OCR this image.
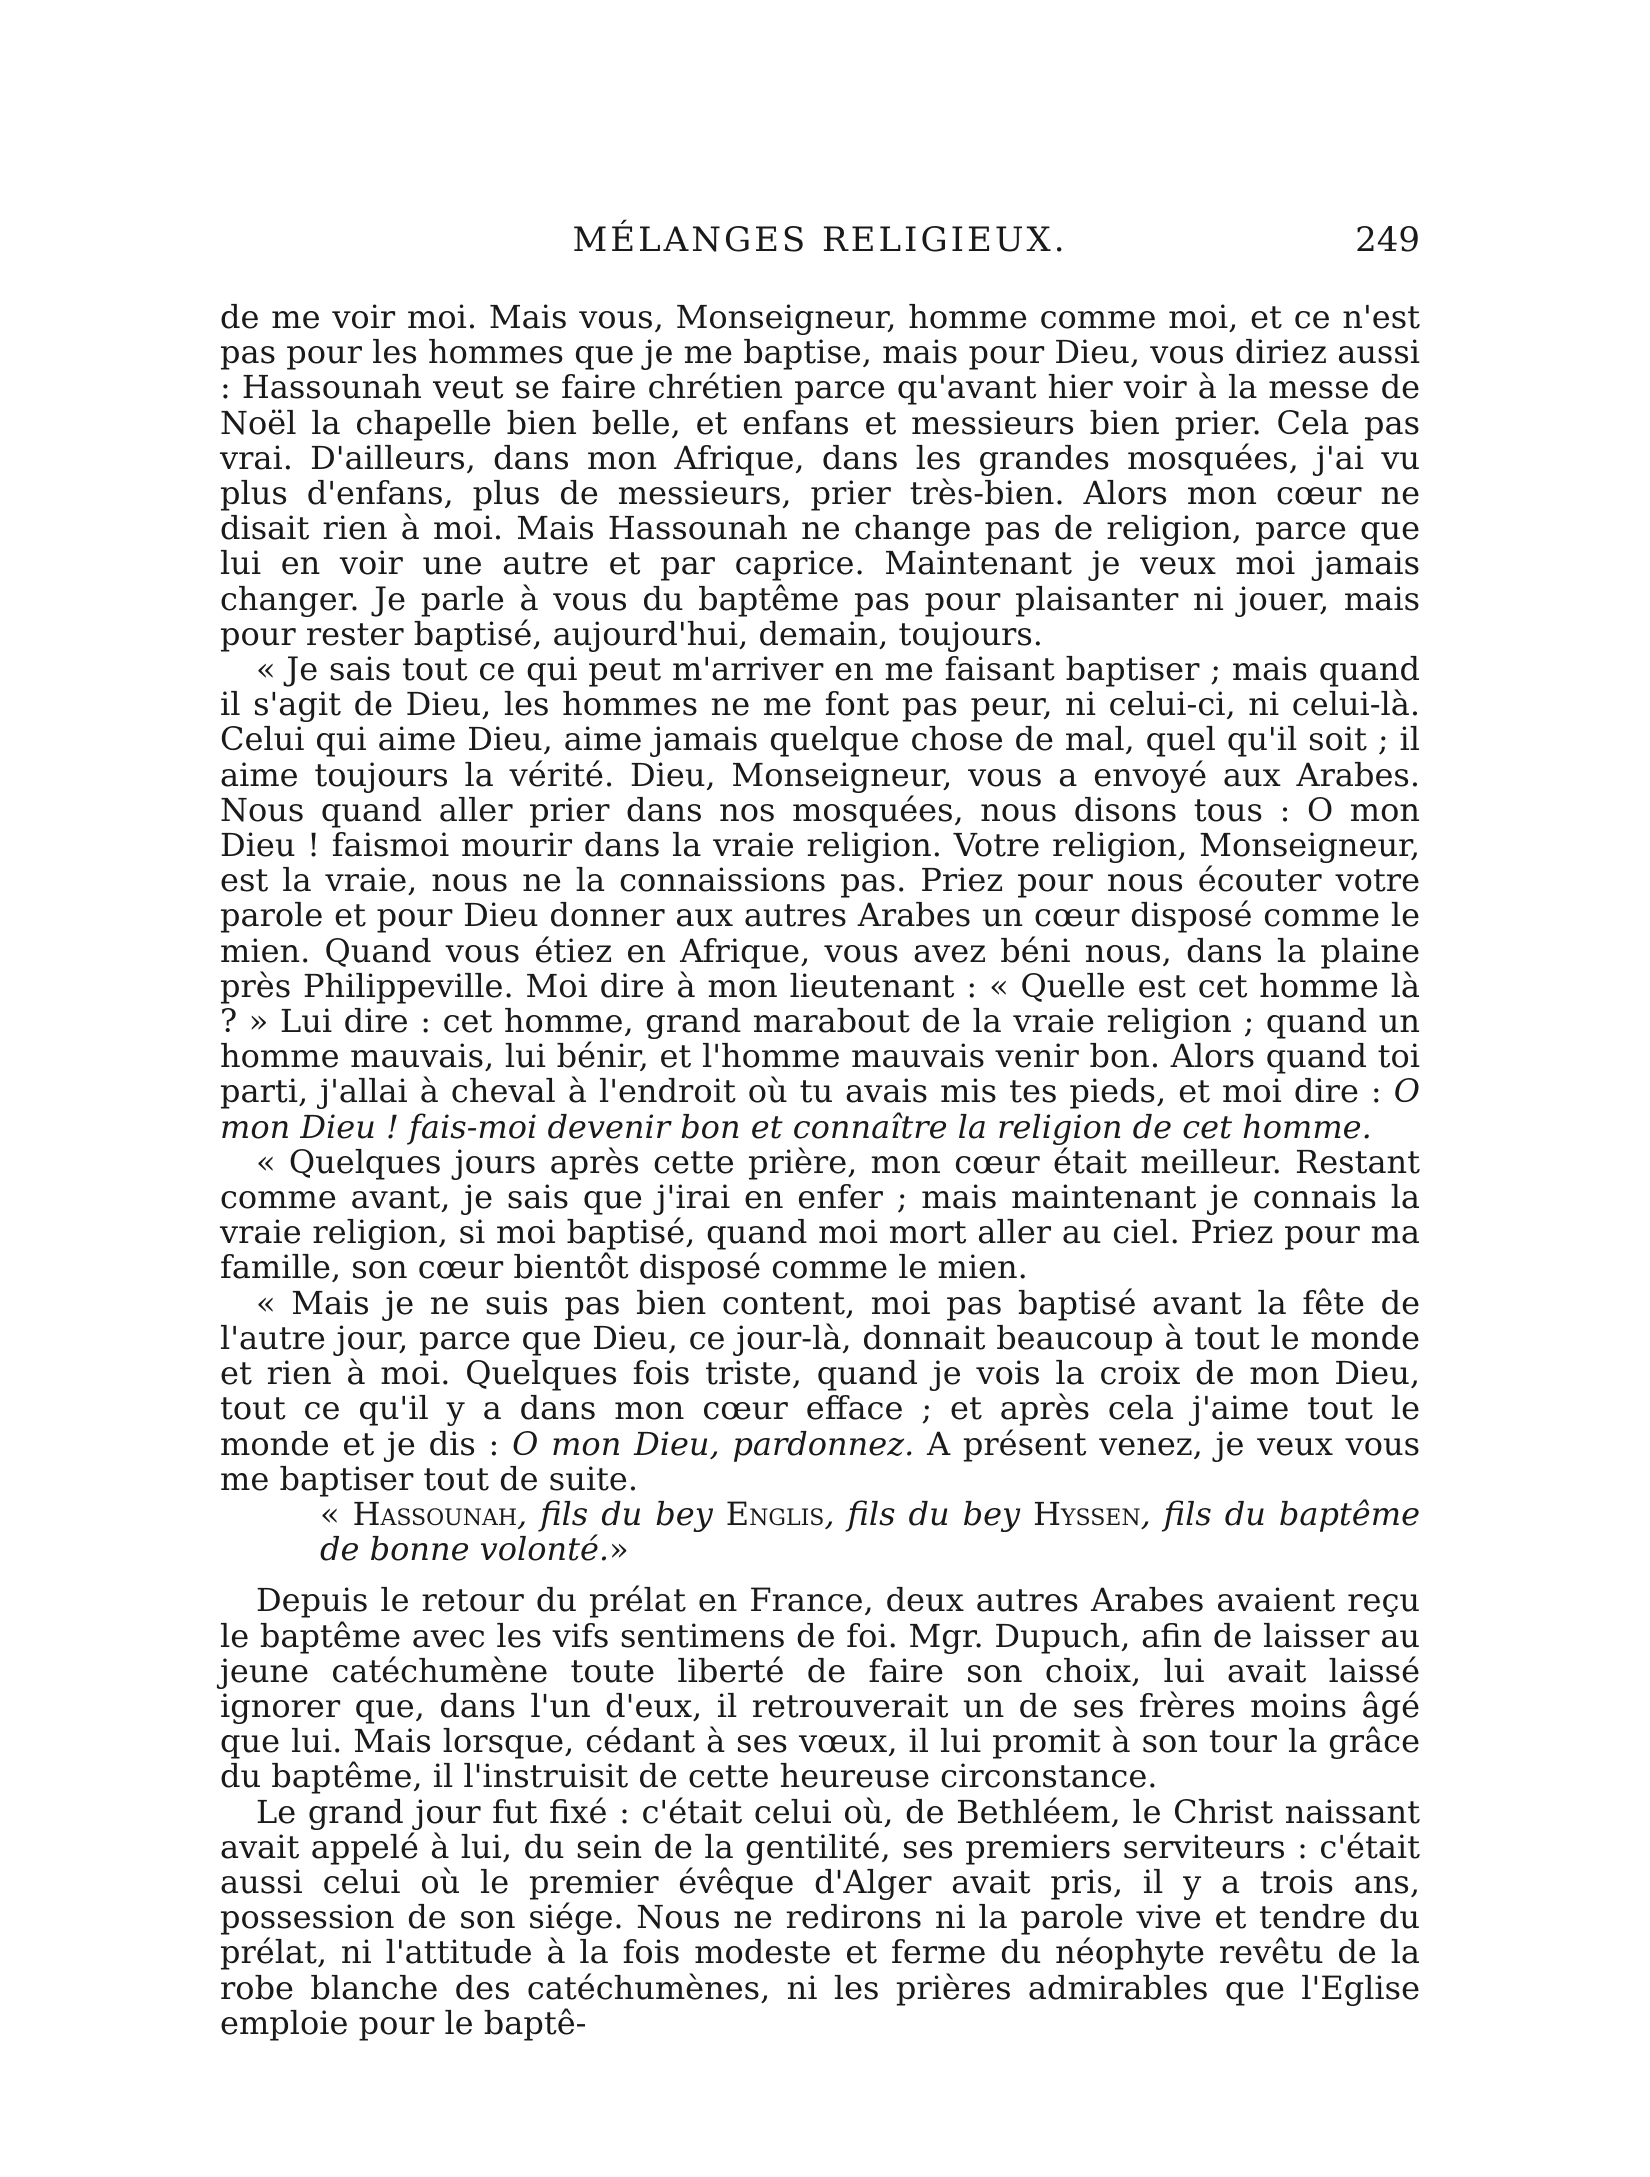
MÉLANGES RELIGIEUX.	249

de me voir moi. Mais vous, Monseigneur, homme comme moi, et ce n'est pas pour les hommes que je me baptise, mais pour Dieu, vous diriez aussi : Hassounah veut se faire chrétien parce qu'avant hier voir à la messe de Noël la chapelle bien belle, et enfans et messieurs bien prier. Cela pas vrai. D'ailleurs, dans mon Afrique, dans les grandes mosquées, j'ai vu plus d'enfans, plus de messieurs, prier très-bien. Alors mon cœur ne disait rien à moi. Mais Hassounah ne change pas de religion, parce que lui en voir une autre et par caprice. Maintenant je veux moi jamais changer. Je parle à vous du baptême pas pour plaisanter ni jouer, mais pour rester baptisé, aujourd'hui, demain, toujours.

« Je sais tout ce qui peut m'arriver en me faisant baptiser ; mais quand il s'agit de Dieu, les hommes ne me font pas peur, ni celui-ci, ni celui-là. Celui qui aime Dieu, aime jamais quelque chose de mal, quel qu'il soit ; il aime toujours la vérité. Dieu, Monseigneur, vous a envoyé aux Arabes. Nous quand aller prier dans nos mosquées, nous disons tous : O mon Dieu ! faismoi mourir dans la vraie religion. Votre religion, Monseigneur, est la vraie, nous ne la connaissions pas. Priez pour nous écouter votre parole et pour Dieu donner aux autres Arabes un cœur disposé comme le mien. Quand vous étiez en Afrique, vous avez béni nous, dans la plaine près Philippeville. Moi dire à mon lieutenant : « Quelle est cet homme là ? » Lui dire : cet homme, grand marabout de la vraie religion ; quand un homme mauvais, lui bénir, et l'homme mauvais venir bon. Alors quand toi parti, j'allai à cheval à l'endroit où tu avais mis tes pieds, et moi dire : O mon Dieu ! fais-moi devenir bon et connaître la religion de cet homme.

« Quelques jours après cette prière, mon cœur était meilleur. Restant comme avant, je sais que j'irai en enfer ; mais maintenant je connais la vraie religion, si moi baptisé, quand moi mort aller au ciel. Priez pour ma famille, son cœur bientôt disposé comme le mien.

« Mais je ne suis pas bien content, moi pas baptisé avant la fête de l'autre jour, parce que Dieu, ce jour-là, donnait beaucoup à tout le monde et rien à moi. Quelques fois triste, quand je vois la croix de mon Dieu, tout ce qu'il y a dans mon cœur efface ; et après cela j'aime tout le monde et je dis : O mon Dieu, pardonnez. A présent venez, je veux vous me baptiser tout de suite.

« Hassounah, fils du bey Englis, fils du bey Hyssen, fils du baptême de bonne volonté.»

Depuis le retour du prélat en France, deux autres Arabes avaient reçu le baptême avec les vifs sentimens de foi. Mgr. Dupuch, afin de laisser au jeune catéchumène toute liberté de faire son choix, lui avait laissé ignorer que, dans l'un d'eux, il retrouverait un de ses frères moins âgé que lui. Mais lorsque, cédant à ses vœux, il lui promit à son tour la grâce du baptême, il l'instruisit de cette heureuse circonstance.

Le grand jour fut fixé : c'était celui où, de Bethléem, le Christ naissant avait appelé à lui, du sein de la gentilité, ses premiers serviteurs : c'était aussi celui où le premier évêque d'Alger avait pris, il y a trois ans, possession de son siége. Nous ne redirons ni la parole vive et tendre du prélat, ni l'attitude à la fois modeste et ferme du néophyte revêtu de la robe blanche des catéchumènes, ni les prières admirables que l'Eglise emploie pour le baptê-
